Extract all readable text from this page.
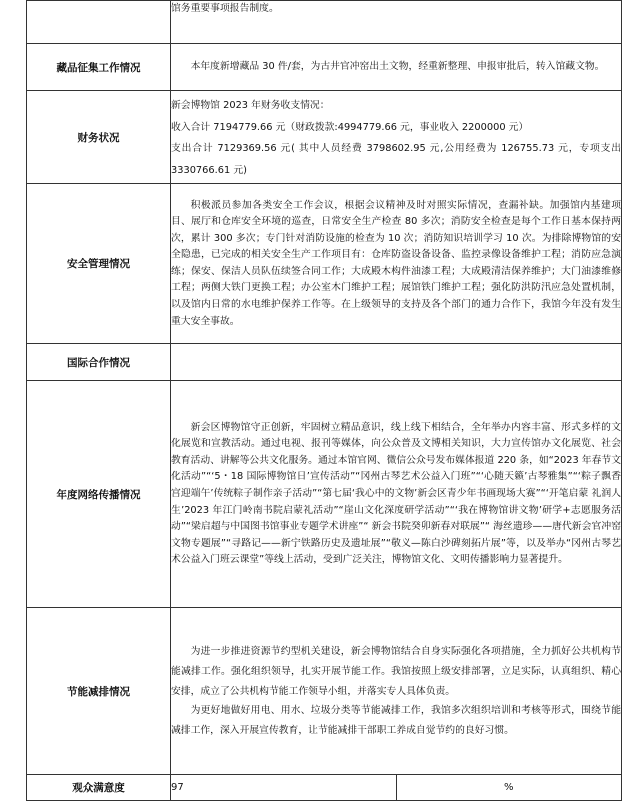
	馆务重要事项报告制度。	

藏品征集工作情况	本年度新增藏品 30 件/套，为古井官冲窑出土文物，经重新整理、申报审批后，转入馆藏文物。	

财务状况	新会博物馆 2023 年财务收支情况：

收入合计 7194779.66 元（财政拨款:4994779.66 元，事业收入 2200000 元）

支出合计 7129369.56 元( 其中人员经费 3798602.95 元,公用经费为 126755.73 元，专项支出 3330766.61 元)	

安全管理情况	积极派员参加各类安全工作会议，根据会议精神及时对照实际情况，查漏补缺。加强馆内基建项目、展厅和仓库安全环境的巡查，日常安全生产检查 80 多次；消防安全检查是每个工作日基本保持两次，累计 300 多次；专门针对消防设施的检查为 10 次；消防知识培训学习 10 次。为排除博物馆的安全隐患，已完成的相关安全生产工作项目有：仓库防盗设备设备、监控录像设备维护工程；消防应急演练；保安、保洁人员队伍续签合同工作；大成殿木构件油漆工程；大成殿清洁保养维护；大门油漆维修工程；两侧大铁门更换工程；办公室木门维护工程；展馆铁门维护工程；强化防洪防汛应急处置机制，以及馆内日常的水电维护保养工作等。在上级领导的支持及各个部门的通力合作下，我馆今年没有发生重大安全事故。	

国际合作情况		

年度网络传播情况	新会区博物馆守正创新，牢固树立精品意识，线上线下相结合，全年举办内容丰富、形式多样的文化展览和宣教活动。通过电视、报刊等媒体，向公众普及文博相关知识，大力宣传馆办文化展览、社会教育活动、讲解等公共文化服务。通过本馆官网、微信公众号发布媒体报道 220 条，如“2023 年春节文化活动”“‘5・18 国际博物馆日’宣传活动”“冈州古琴艺术公益入门班”“‘心随天籁’古琴雅集”“‘粽子飘香 宫迎端午’传统粽子制作亲子活动”“第七届‘我心中的文物’新会区青少年书画现场大赛”“‘开笔启蒙 礼润人生’2023 年江门岭南书院启蒙礼活动”“崖山文化深度研学活动”“‘我在博物馆讲文物’研学+志愿服务活动”“梁启超与中国图书馆事业专题学术讲座”“ 新会书院癸卯新春对联展”“ 海丝遗珍——唐代新会官冲窑文物专题展”“寻路记——新宁铁路历史及遗址展”“敬义—陈白沙碑刻拓片展”等，以及举办“冈州古琴艺术公益入门班云课堂”等线上活动，受到广泛关注，博物馆文化、文明传播影响力显著提升。	

节能减排情况	为进一步推进资源节约型机关建设，新会博物馆结合自身实际强化各项措施，全力抓好公共机构节能减排工作。强化组织领导，扎实开展节能工作。我馆按照上级安排部署，立足实际，认真组织、精心安排，成立了公共机构节能工作领导小组，并落实专人具体负责。

为更好地做好用电、用水、垃圾分类等节能减排工作，我馆多次组织培训和考核等形式，围绕节能减排工作，深入开展宣传教育，让节能减排干部职工养成自觉节约的良好习惯。	

观众满意度	97	%
